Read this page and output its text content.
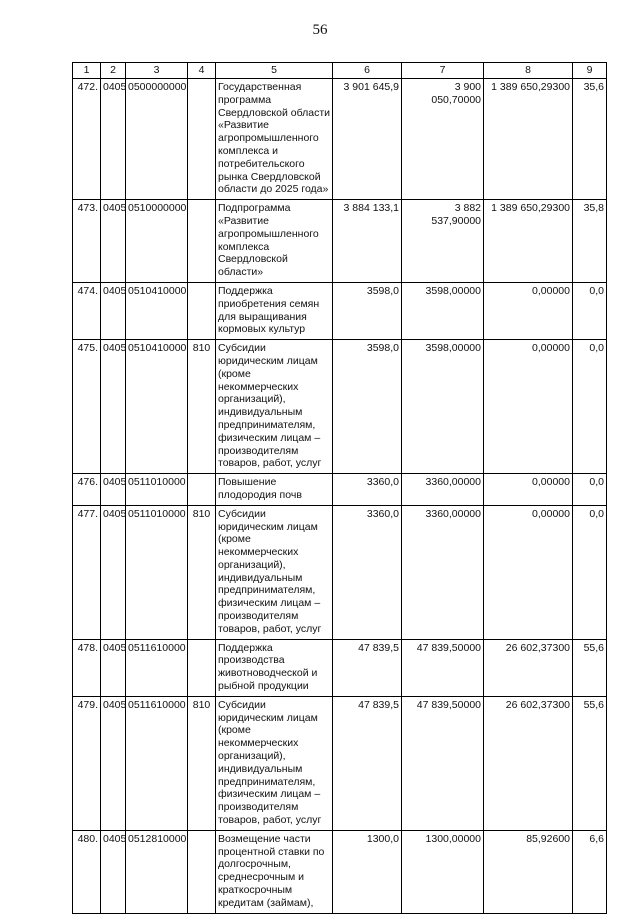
56
1	2	3	4	5	6	7	8	9
472.	0405	0500000000		Государственная программа Свердловской области «Развитие агропромышленного комплекса и потребительского рынка Свердловской области до 2025 года»	3 901 645,9	3 900 050,70000	1 389 650,29300	35,6
473.	0405	0510000000		Подпрограмма «Развитие агропромышленного комплекса Свердловской области»	3 884 133,1	3 882 537,90000	1 389 650,29300	35,8
474.	0405	0510410000		Поддержка приобретения семян для выращивания кормовых культур	3598,0	3598,00000	0,00000	0,0
475.	0405	0510410000	810	Субсидии юридическим лицам (кроме некоммерческих организаций), индивидуальным предпринимателям, физическим лицам – производителям товаров, работ, услуг	3598,0	3598,00000	0,00000	0,0
476.	0405	0511010000		Повышение плодородия почв	3360,0	3360,00000	0,00000	0,0
477.	0405	0511010000	810	Субсидии юридическим лицам (кроме некоммерческих организаций), индивидуальным предпринимателям, физическим лицам – производителям товаров, работ, услуг	3360,0	3360,00000	0,00000	0,0
478.	0405	0511610000		Поддержка производства животноводческой и рыбной продукции	47 839,5	47 839,50000	26 602,37300	55,6
479.	0405	0511610000	810	Субсидии юридическим лицам (кроме некоммерческих организаций), индивидуальным предпринимателям, физическим лицам – производителям товаров, работ, услуг	47 839,5	47 839,50000	26 602,37300	55,6
480.	0405	0512810000		Возмещение части процентной ставки по долгосрочным, среднесрочным и краткосрочным кредитам (займам),	1300,0	1300,00000	85,92600	6,6
